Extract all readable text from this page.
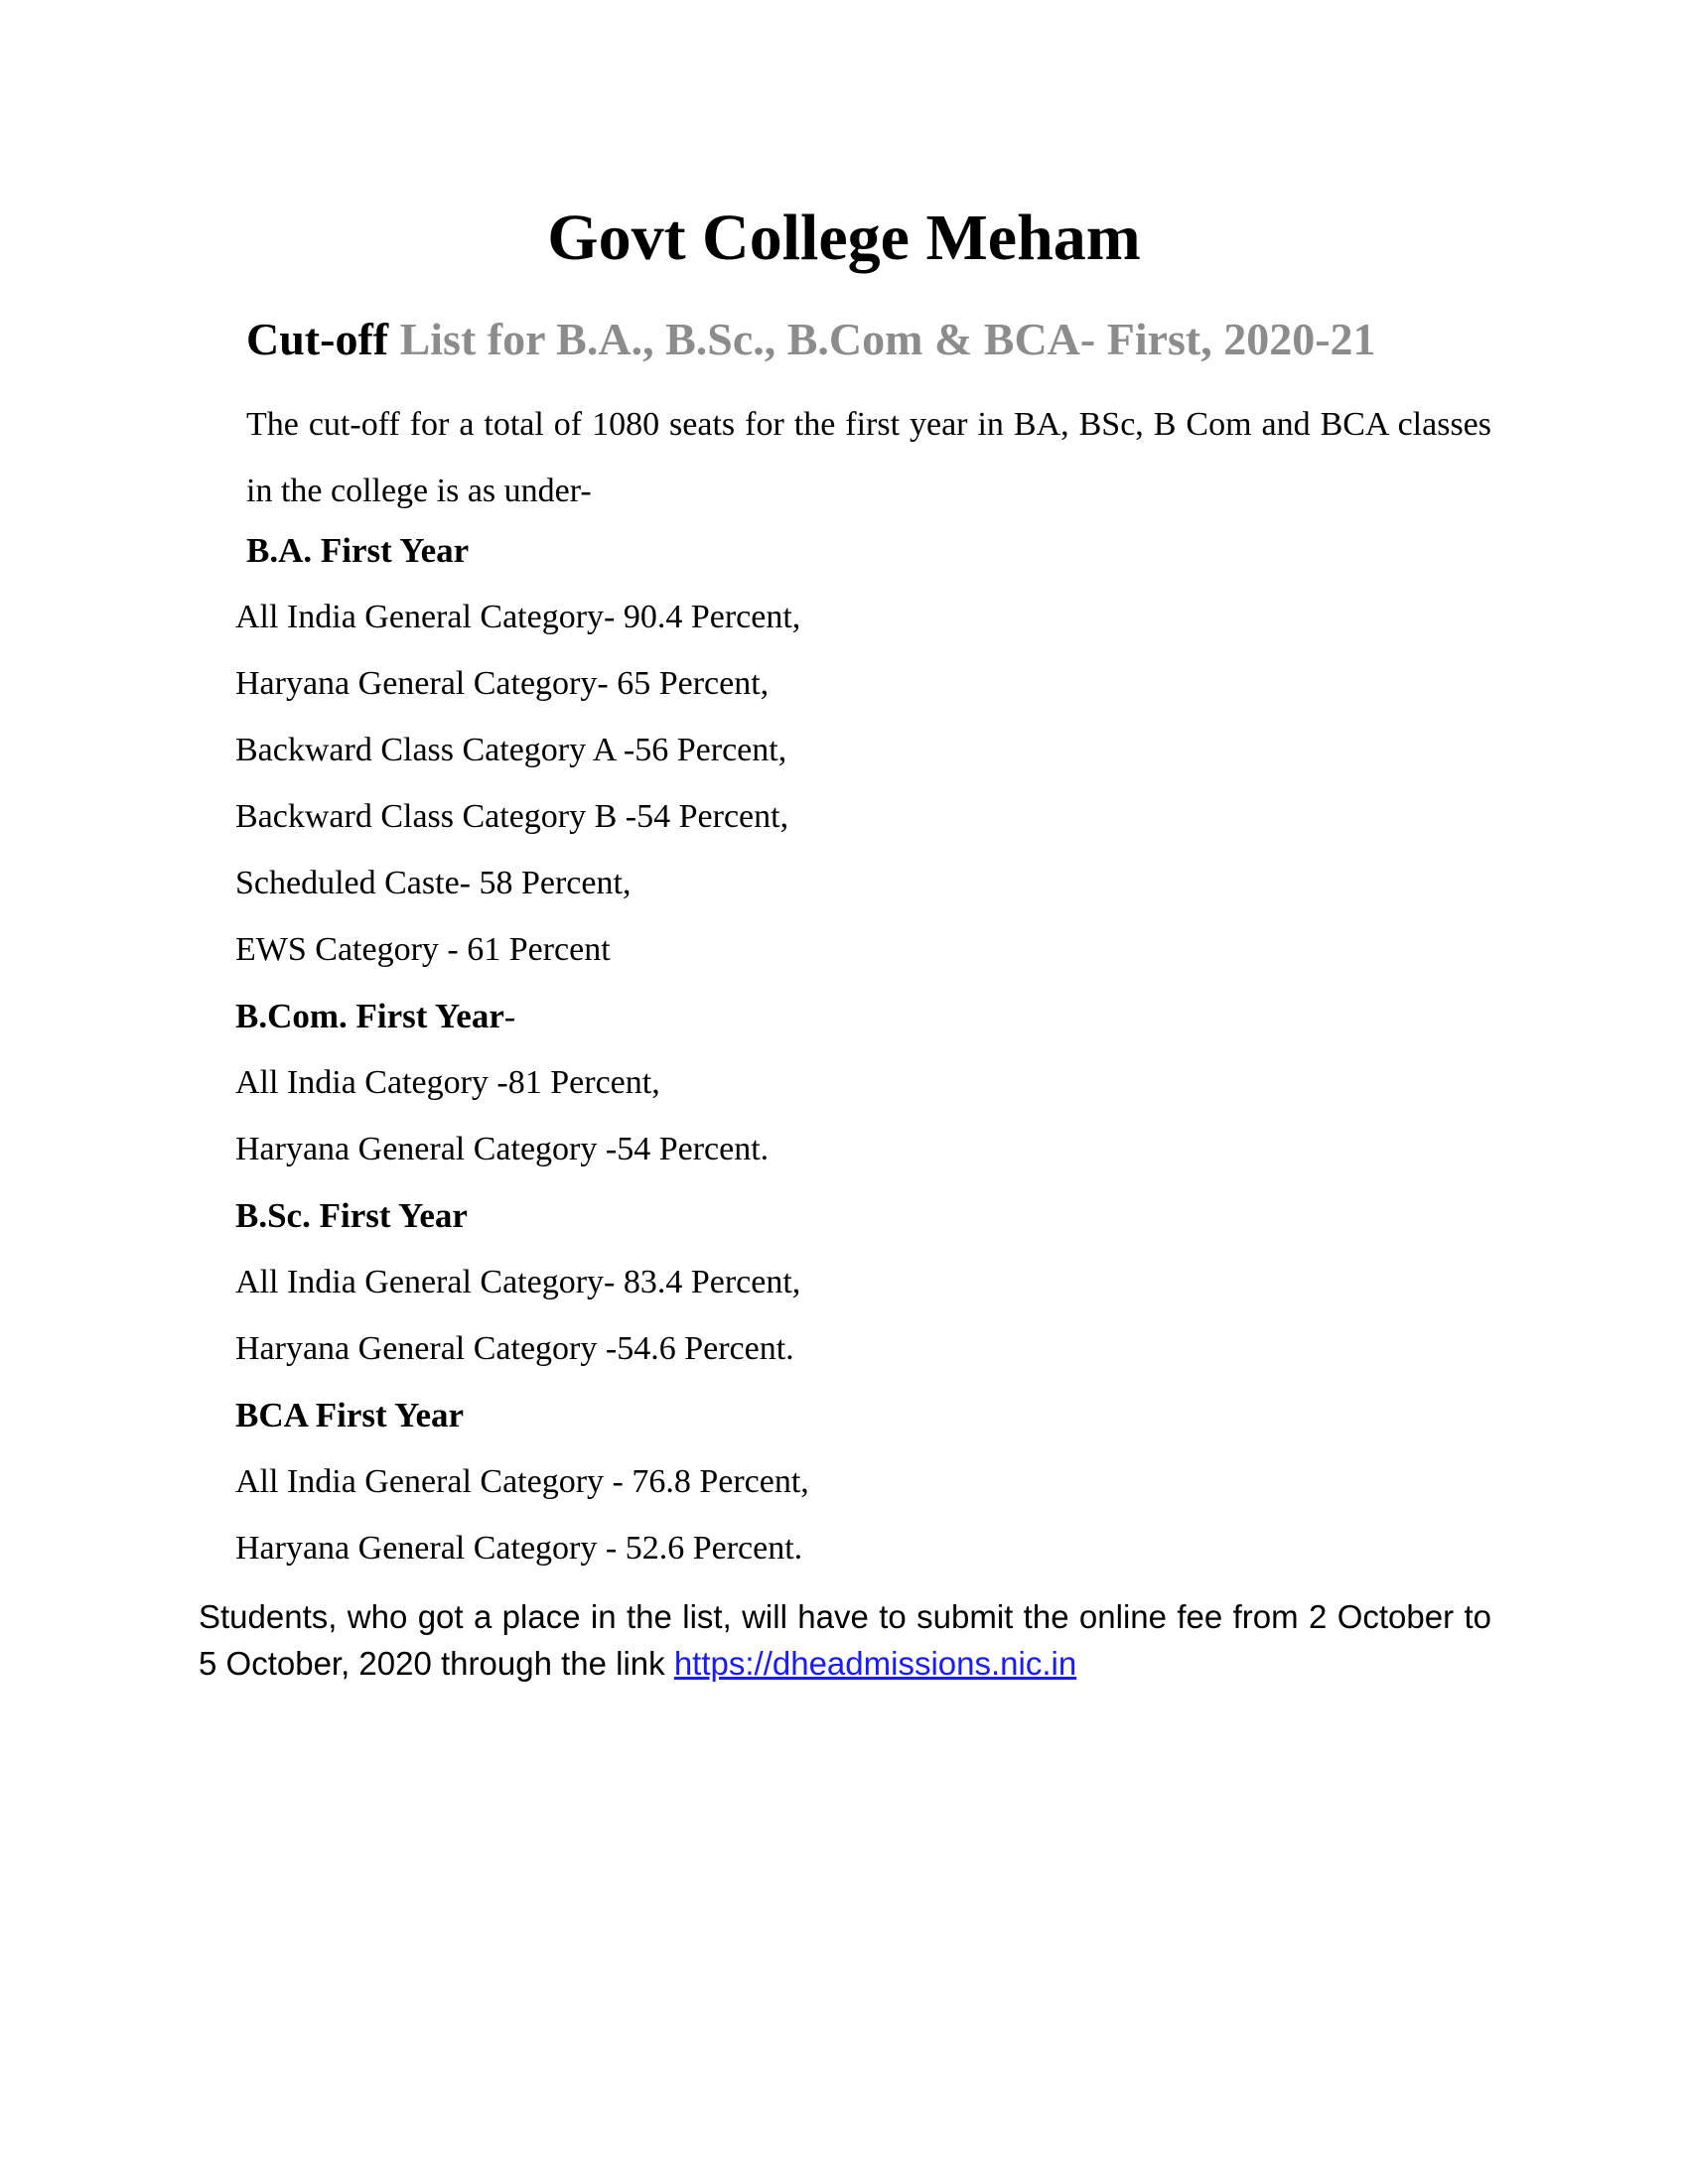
Govt College Meham
Cut-off List for B.A., B.Sc., B.Com & BCA- First, 2020-21

The cut-off for a total of 1080 seats for the first year in BA, BSc, B Com and BCA classes in the college is as under-

B.A. First Year

All India General Category- 90.4 Percent,

Haryana General Category- 65 Percent,

Backward Class Category A -56 Percent,

Backward Class Category B -54 Percent,

Scheduled Caste- 58 Percent,

EWS Category - 61 Percent

B.Com. First Year-

All India Category -81 Percent,

Haryana General Category -54 Percent.

B.Sc. First Year

All India General Category- 83.4 Percent,

Haryana General Category -54.6 Percent.

BCA First Year

All India General Category - 76.8 Percent,

Haryana General Category - 52.6 Percent.

Students, who got a place in the list, will have to submit the online fee from 2 October to 5 October, 2020 through the link https://dheadmissions.nic.in
